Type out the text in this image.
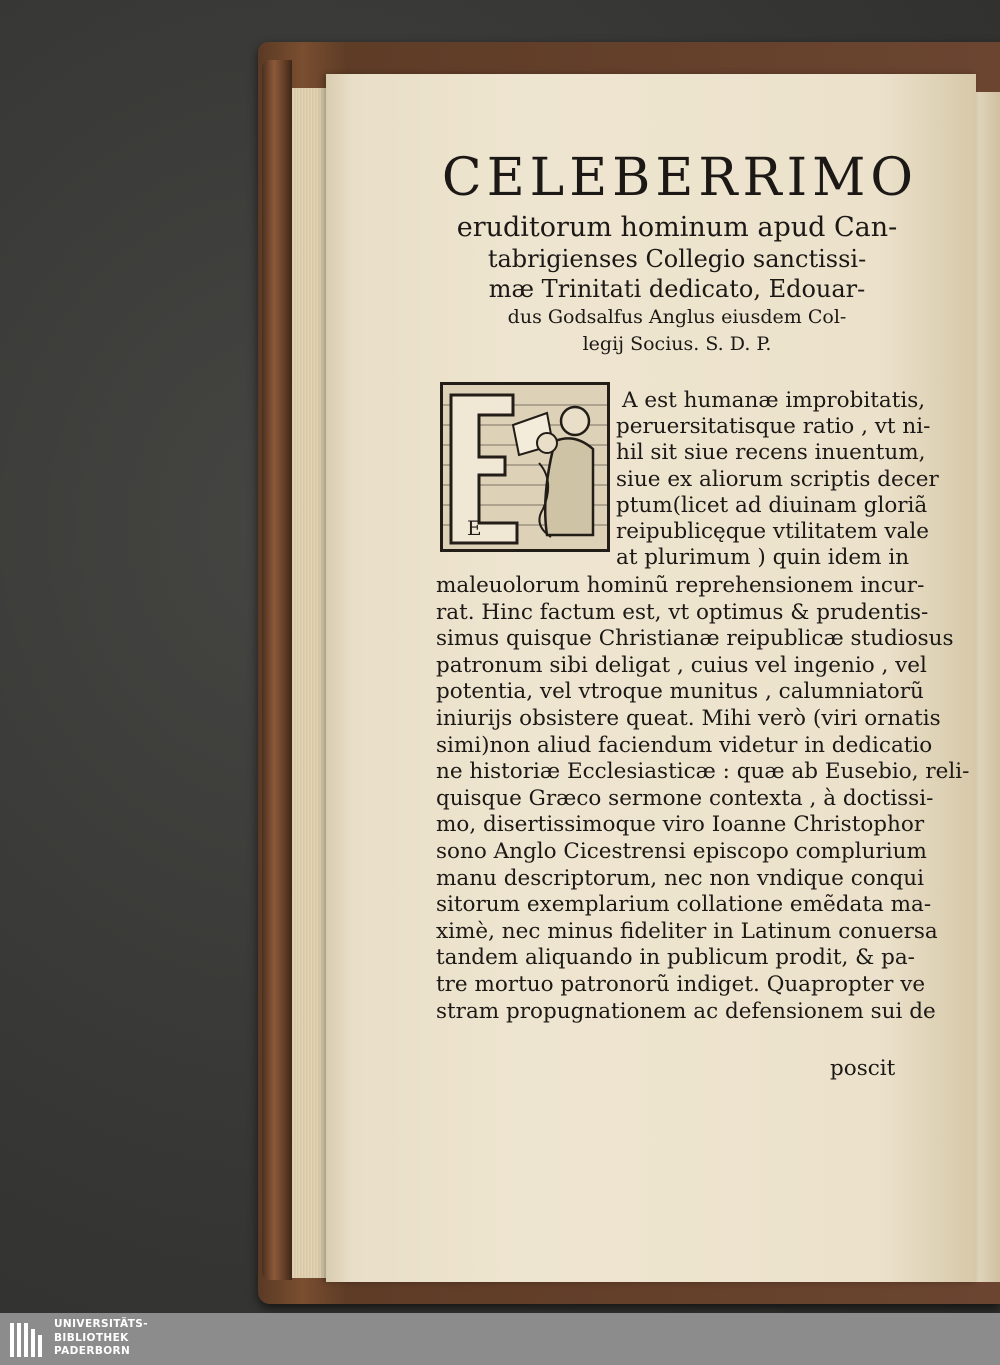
CELEBERRIMO
eruditorum hominum apud Can-
tabrigienses Collegio sanctissi-
mæ Trinitati dedicato, Edouar-
dus Godsalfus Anglus eiusdem Col-
legij Socius. S. D. P.
E
A est humanæ improbitatis,
peruersitatisque ratio , vt ni-
hil sit siue recens inuentum,
siue ex aliorum scriptis decer
ptum(licet ad diuinam gloriã
reipublicęque vtilitatem vale
at plurimum ) quin idem in
maleuolorum hominũ reprehensionem incur-
rat. Hinc factum est, vt optimus & prudentis-
simus quisque Christianæ reipublicæ studiosus
patronum sibi deligat , cuius vel ingenio , vel
potentia, vel vtroque munitus , calumniatorũ
iniurijs obsistere queat. Mihi verò (viri ornatis
simi)non aliud faciendum videtur in dedicatio
ne historiæ Ecclesiasticæ : quæ ab Eusebio, reli-
quisque Græco sermone contexta , à doctissi-
mo, disertissimoque viro Ioanne Christophor
sono Anglo Cicestrensi episcopo complurium
manu descriptorum, nec non vndique conqui
sitorum exemplarium collatione emẽdata ma-
ximè, nec minus fideliter in Latinum conuersa
tandem aliquando in publicum prodit, & pa-
tre mortuo patronorũ indiget. Quapropter ve
stram propugnationem ac defensionem sui de
poscit
UNIVERSITÄTS-
BIBLIOTHEK
PADERBORN
